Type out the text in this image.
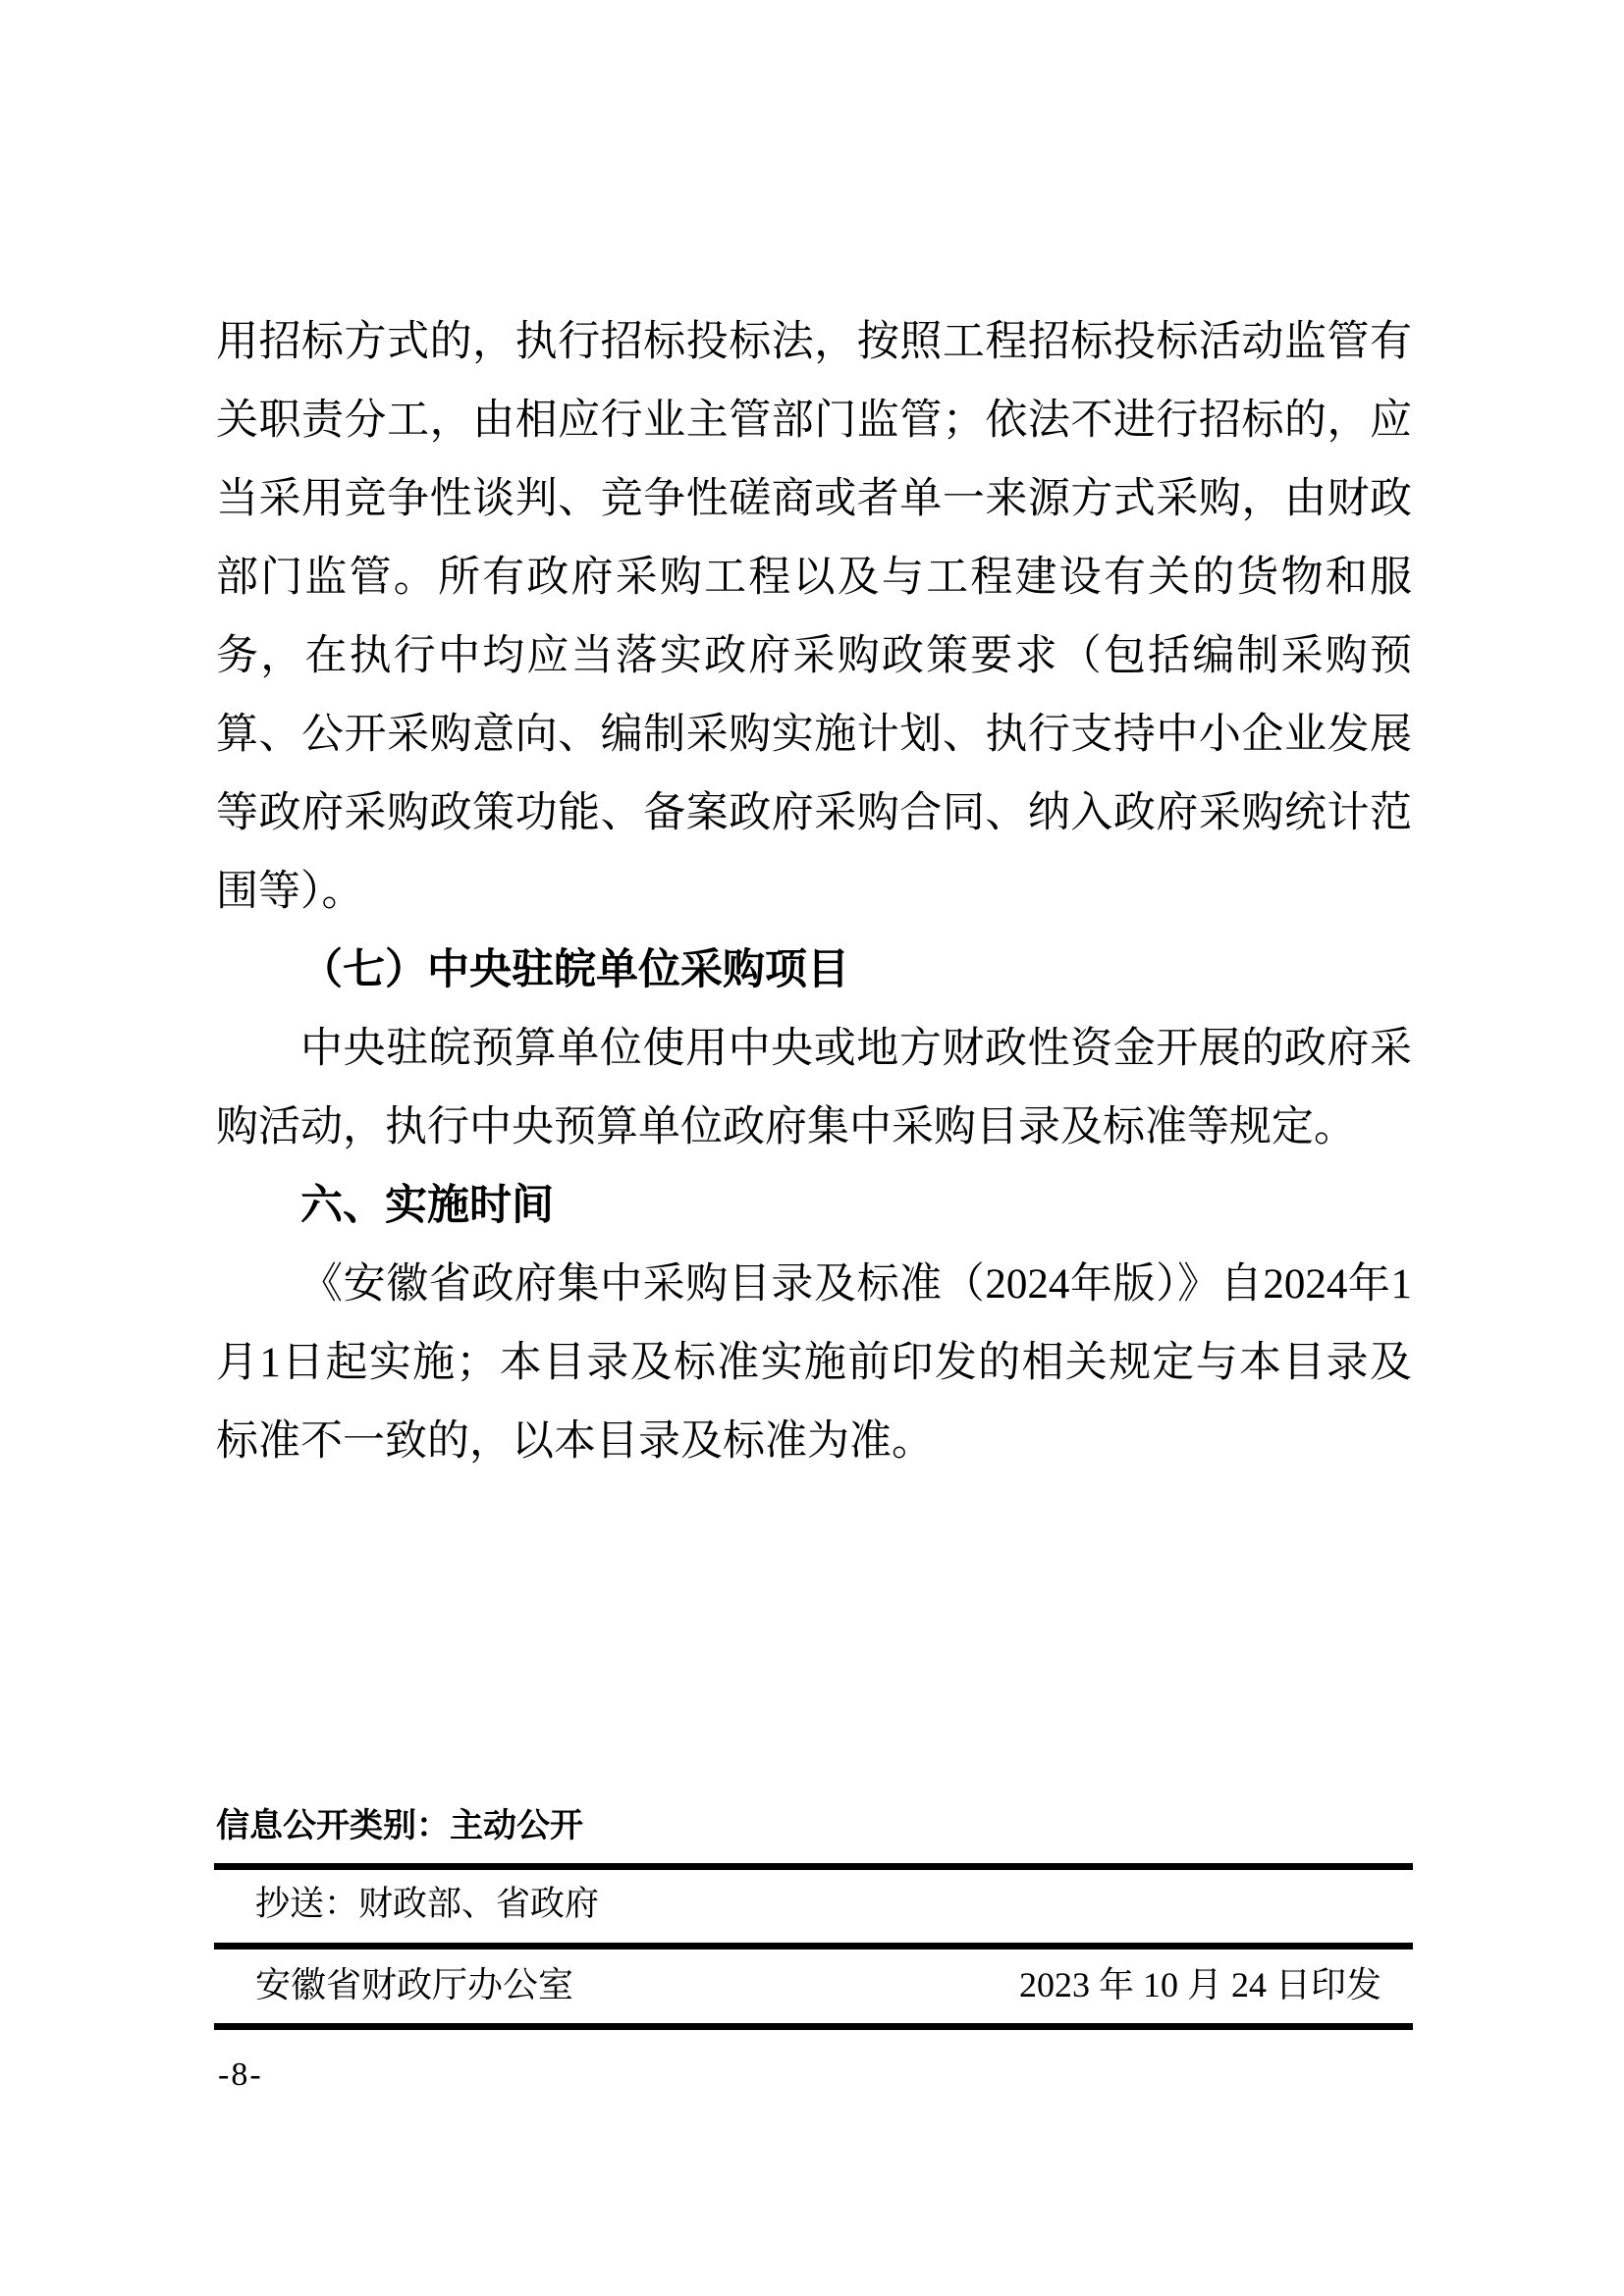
用招标方式的，执行招标投标法，按照工程招标投标活动监管有关职责分工，由相应行业主管部门监管；依法不进行招标的，应当采用竞争性谈判、竞争性磋商或者单一来源方式采购，由财政部门监管。所有政府采购工程以及与工程建设有关的货物和服务，在执行中均应当落实政府采购政策要求（包括编制采购预算、公开采购意向、编制采购实施计划、执行支持中小企业发展等政府采购政策功能、备案政府采购合同、纳入政府采购统计范围等）。

（七）中央驻皖单位采购项目

中央驻皖预算单位使用中央或地方财政性资金开展的政府采购活动，执行中央预算单位政府集中采购目录及标准等规定。

六、实施时间

《安徽省政府集中采购目录及标准（2024年版）》自2024年1月1日起实施；本目录及标准实施前印发的相关规定与本目录及标准不一致的，以本目录及标准为准。

信息公开类别：主动公开
抄送：财政部、省政府
安徽省财政厅办公室	2023 年 10 月 24 日印发
-8-
